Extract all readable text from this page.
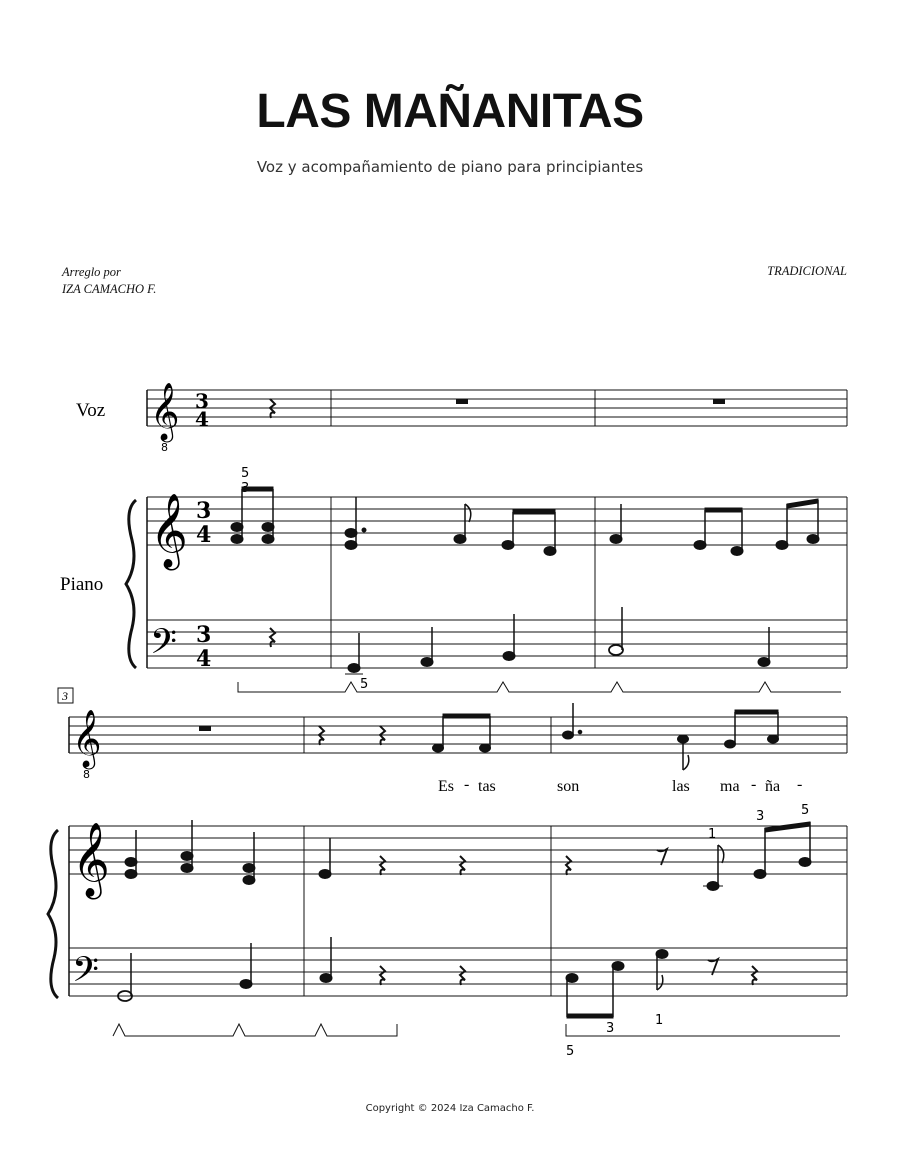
LAS MAÑANITAS
Voz y acompañamiento de piano para principiantes
Arreglo por
IZA CAMACHO F.
TRADICIONAL
Voz 𝄞
8
3
4
Piano
𝄞 3
4
5
𝄢 3
4
5
3
𝄞
8
Es - tas	son	las ma - ña -
𝄞	1
3	5
𝄢
3
1
5
Copyright © 2024 Iza Camacho F.
